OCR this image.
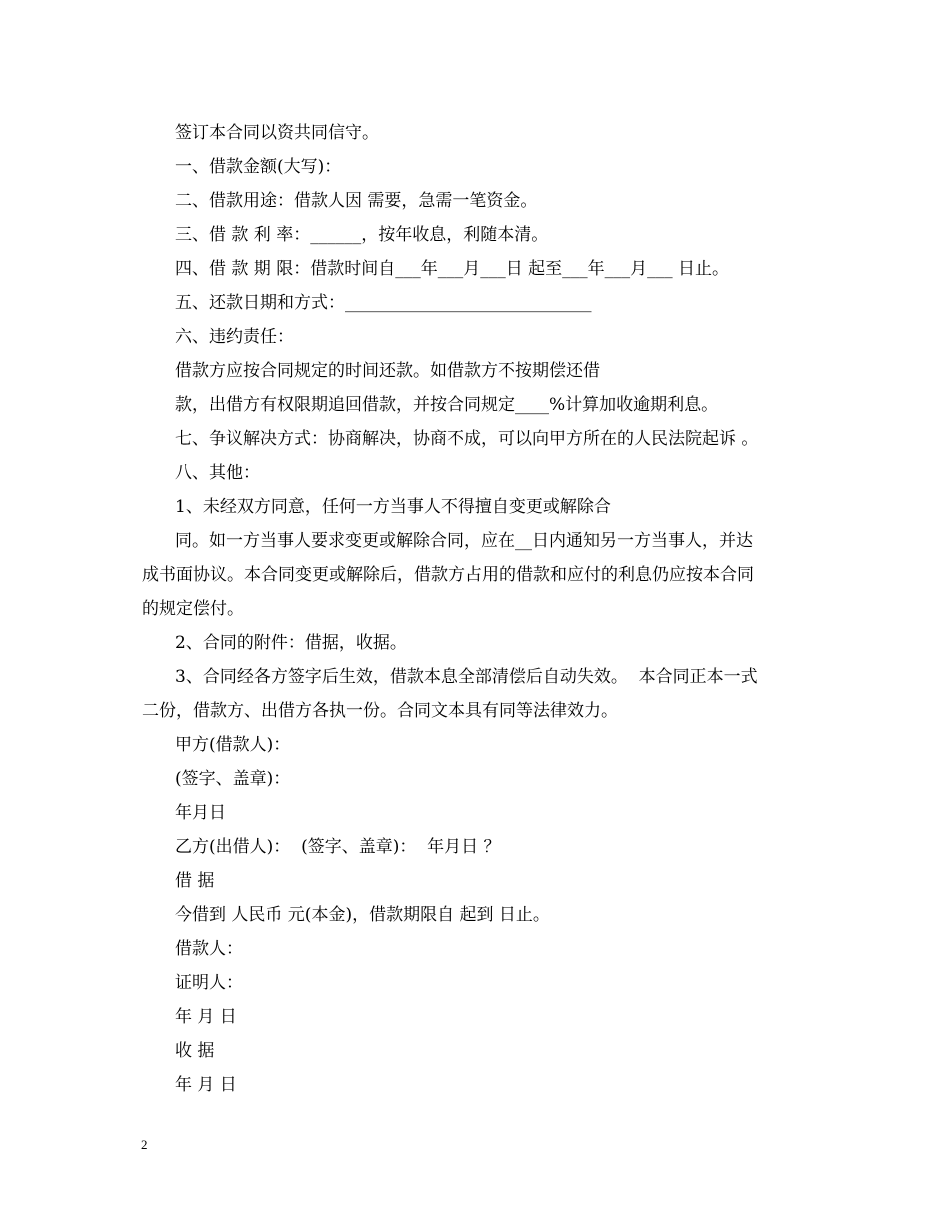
签订本合同以资共同信守。

一、借款金额(大写)：

二、借款用途：借款人因 需要，急需一笔资金。

三、借 款 利 率：______，按年收息，利随本清。

四、借 款 期 限：借款时间自___年___月___日 起至___年___月___ 日止。

五、还款日期和方式：_____________________________

六、违约责任：

借款方应按合同规定的时间还款。如借款方不按期偿还借

款，出借方有权限期追回借款，并按合同规定____%计算加收逾期利息。

七、争议解决方式：协商解决，协商不成，可以向甲方所在的人民法院起诉 。

八、其他：

1、未经双方同意，任何一方当事人不得擅自变更或解除合

同。如一方当事人要求变更或解除合同，应在__日内通知另一方当事人，并达

成书面协议。本合同变更或解除后，借款方占用的借款和应付的利息仍应按本合同

的规定偿付。

2、合同的附件：借据，收据。

3、合同经各方签字后生效，借款本息全部清偿后自动失效。  本合同正本一式

二份，借款方、出借方各执一份。合同文本具有同等法律效力。

甲方(借款人)：

(签字、盖章)：

年月日

乙方(出借人)：  (签字、盖章)：  年月日 ？

借 据

今借到 人民币 元(本金)，借款期限自 起到 日止。

借款人：

证明人：

年 月 日

收 据

年 月 日

2
